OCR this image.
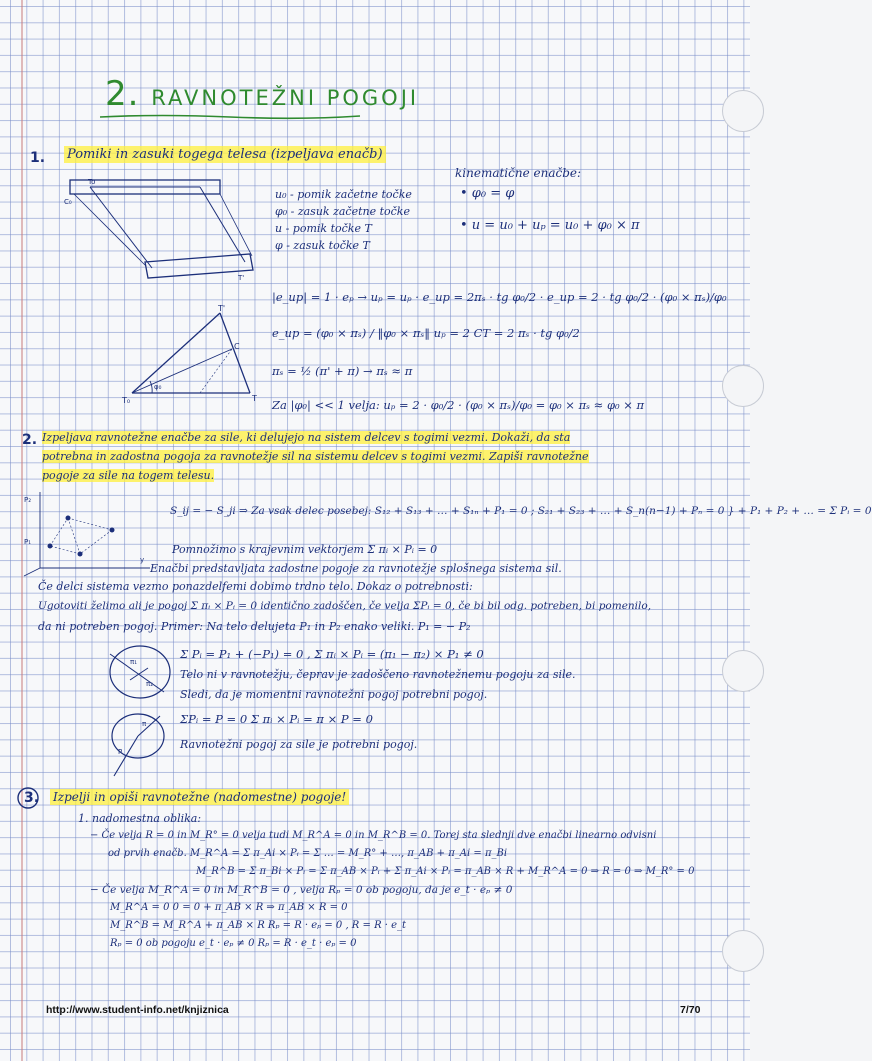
2. RAVNOTEŽNI POGOJI
1. Pomiki in zasuki togega telesa (izpeljava enačb)
To
C₀
T'
u₀ - pomik začetne točke
φ₀ - zasuk začetne točke
u - pomik točke T
φ - zasuk točke T
kinematične enačbe:
• φ₀ = φ
• u = u₀ + uₚ = u₀ + φ₀ × π
T₀
T'
T
C
φ₀
|e_up| = 1 · eₚ → uₚ = uₚ · e_up = 2πₛ · tg φ₀/2 · e_up = 2 · tg φ₀/2 · (φ₀ × πₛ)/φ₀
e_up = (φ₀ × πₛ) / ‖φ₀ × πₛ‖ uₚ = 2 CT = 2 πₛ · tg φ₀/2
πₛ = ½ (π' + π) → πₛ ≈ π
Za |φ₀| << 1 velja: uₚ = 2 · φ₀/2 · (φ₀ × πₛ)/φ₀ = φ₀ × πₛ ≈ φ₀ × π
2. Izpeljava ravnotežne enačbe za sile, ki delujejo na sistem delcev s togimi vezmi. Dokaži, da sta
potrebna in zadostna pogoja za ravnotežje sil na sistemu delcev s togimi vezmi. Zapiši ravnotežne
pogoje za sile na togem telesu.
P₂
P₁
y
S_ij = − S_ji ⇒ Za vsak delec posebej: S₁₂ + S₁₃ + … + S₁ₙ + P₁ = 0 ; S₂₁ + S₂₃ + … + S_n(n−1) + Pₙ = 0 } + P₁ + P₂ + … = Σ Pᵢ = 0
Pomnožimo s krajevnim vektorjem Σ πᵢ × Pᵢ = 0
Enačbi predstavljata zadostne pogoje za ravnotežje splošnega sistema sil.
Če delci sistema vezmo ponazdelfemi dobimo trdno telo. Dokaz o potrebnosti:
Ugotoviti želimo ali je pogoj Σ πᵢ × Pᵢ = 0 identično zadoščen, če velja ΣPᵢ = 0, če bi bil odg. potreben, bi pomenilo,
da ni potreben pogoj. Primer: Na telo delujeta P₁ in P₂ enako veliki. P₁ = − P₂
π₁
π₂
Σ Pᵢ = P₁ + (−P₁) = 0 , Σ πᵢ × Pᵢ = (π₁ − π₂) × P₁ ≠ 0
Telo ni v ravnotežju, čeprav je zadoščeno ravnotežnemu pogoju za sile.
Sledi, da je momentni ravnotežni pogoj potrebni pogoj.
P
π	ΣPᵢ = P = 0 Σ πᵢ × Pᵢ = π × P = 0
Ravnotežni pogoj za sile je potrebni pogoj.
3. Izpelji in opiši ravnotežne (nadomestne) pogoje!
1. nadomestna oblika:
− Če velja R = 0 in M_R° = 0 velja tudi M_R^A = 0 in M_R^B = 0. Torej sta slednji dve enačbi linearno odvisni
od prvih enačb. M_R^A = Σ π_Ai × Pᵢ = Σ … = M_R° + …, π_AB + π_Ai = π_Bi
M_R^B = Σ π_Bi × Pᵢ = Σ π_AB × Pᵢ + Σ π_Ai × Pᵢ = π_AB × R + M_R^A = 0 ⇒ R = 0 ⇒ M_R° = 0
− Če velja M_R^A = 0 in M_R^B = 0 , velja Rₚ = 0 ob pogoju, da je e_t · eₚ ≠ 0
M_R^A = 0 0 = 0 + π_AB × R ⇒ π_AB × R = 0
M_R^B = M_R^A + π_AB × R Rₚ = R · eₚ = 0 , R = R · e_t
Rₚ = 0 ob pogoju e_t · eₚ ≠ 0 Rₚ = R · e_t · eₚ = 0
http://www.student-info.net/knjiznica	7/70
